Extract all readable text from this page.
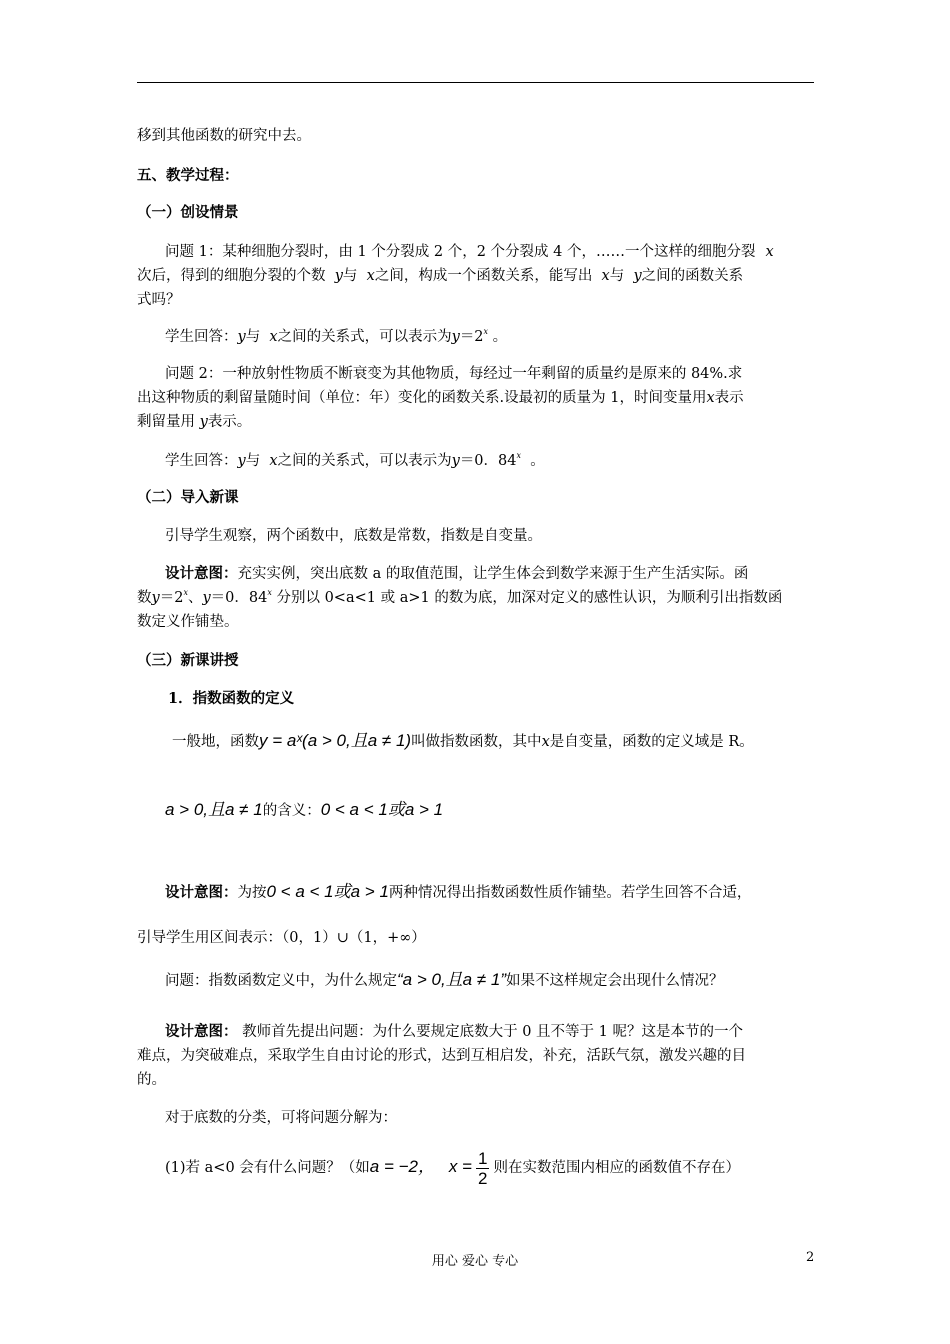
移到其他函数的研究中去。
五、教学过程：
（一）创设情景
问题 1：某种细胞分裂时，由 1 个分裂成 2 个，2 个分裂成 4 个，……一个这样的细胞分裂 x
次后，得到的细胞分裂的个数 y与 x之间，构成一个函数关系，能写出 x与 y之间的函数关系
式吗？
学生回答：y与 x之间的关系式，可以表示为$y=2^x$ 。
问题 2：一种放射性物质不断衰变为其他物质，每经过一年剩留的质量约是原来的 84%.求
出这种物质的剩留量随时间（单位：年）变化的函数关系.设最初的质量为 1，时间变量用x表示
剩留量用 y表示。
学生回答：y与 x之间的关系式，可以表示为y＝0．84$^x$ 。
（二）导入新课
引导学生观察，两个函数中，底数是常数，指数是自变量。
设计意图：充实实例，突出底数 a 的取值范围，让学生体会到数学来源于生产生活实际。函
数$y=2^x$、y＝0．84$^x$ 分别以 0<a<1 或 a>1 的数为底，加深对定义的感性认识，为顺利引出指数函
数定义作铺垫。
（三）新课讲授
1．指数函数的定义
一般地，函数y = aˣ(a > 0,且a ≠ 1)叫做指数函数，其中x是自变量，函数的定义域是 R。
a > 0,且a ≠ 1的含义：0 < a < 1或a > 1
设计意图：为按0 < a < 1或a > 1两种情况得出指数函数性质作铺垫。若学生回答不合适，
引导学生用区间表示：（0，1）∪（1，+∞）
问题：指数函数定义中，为什么规定“a > 0,且a ≠ 1”如果不这样规定会出现什么情况？
设计意图： 教师首先提出问题：为什么要规定底数大于 0 且不等于 1 呢？这是本节的一个
难点，为突破难点，采取学生自由讨论的形式，达到互相启发，补充，活跃气氛，激发兴趣的目
的。
对于底数的分类，可将问题分解为：
(1)若 a<0 会有什么问题？（如a = −2， $x = \frac{1}{2}$ 则在实数范围内相应的函数值不存在）
用心 爱心 专心	2
